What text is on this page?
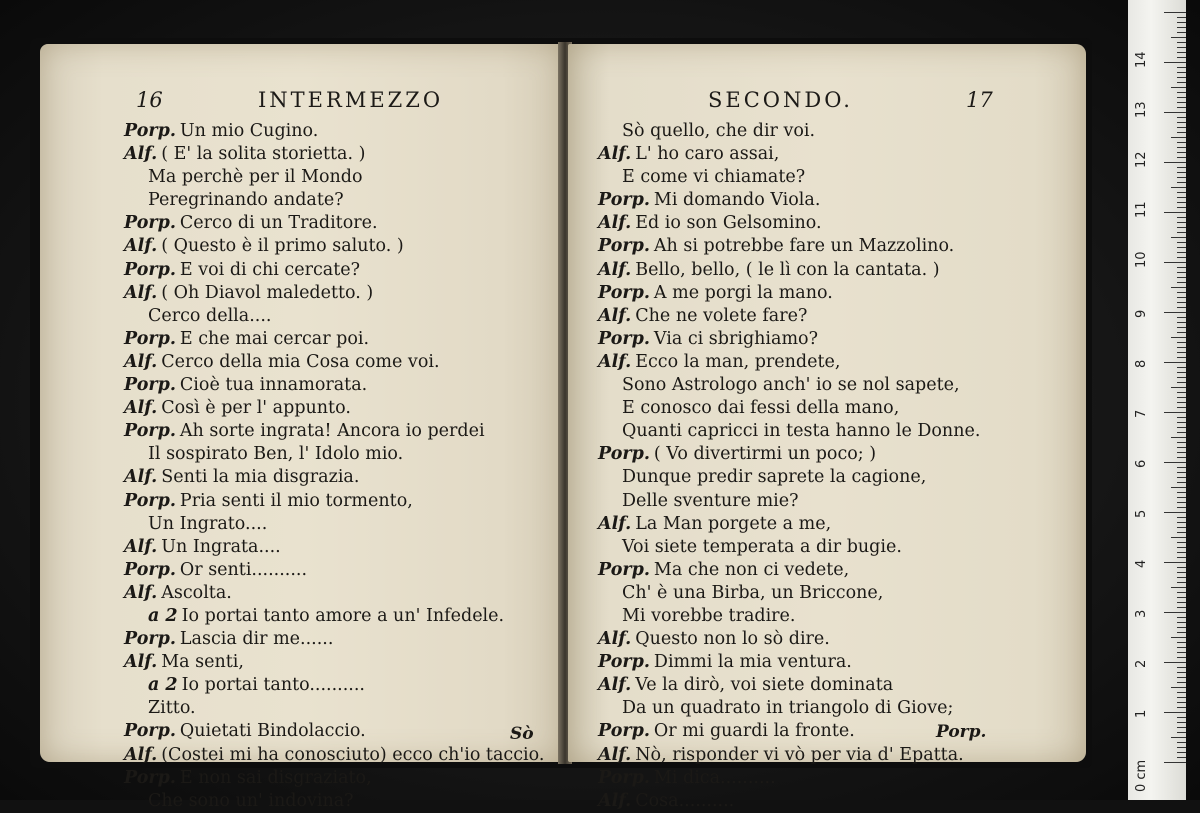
16	INTERMEZZO
Porp. Un mio Cugino.
Alf. ( E' la solita storietta. )
Ma perchè per il Mondo
Peregrinando andate?
Porp. Cerco di un Traditore.
Alf. ( Questo è il primo saluto. )
Porp. E voi di chi cercate?
Alf. ( Oh Diavol maledetto. )
Cerco della....
Porp. E che mai cercar poi.
Alf. Cerco della mia Cosa come voi.
Porp. Cioè tua innamorata.
Alf. Così è per l' appunto.
Porp. Ah sorte ingrata! Ancora io perdei
Il sospirato Ben, l' Idolo mio.
Alf. Senti la mia disgrazia.
Porp. Pria senti il mio tormento,
Un Ingrato....
Alf. Un Ingrata....
Porp. Or senti..........
Alf. Ascolta.
a 2 Io portai tanto amore a un' Infedele.
Porp. Lascia dir me......
Alf. Ma senti,
a 2 Io portai tanto..........
Zitto.
Porp. Quietati Bindolaccio.
Alf. (Costei mi ha conosciuto) ecco ch'io taccio.
Porp. E non sai disgraziato,
Che sono un' indovina?
Sò
SECONDO.	17
Sò quello, che dir voi.
Alf. L' ho caro assai,
E come vi chiamate?
Porp. Mi domando Viola.
Alf. Ed io son Gelsomino.
Porp. Ah si potrebbe fare un Mazzolino.
Alf. Bello, bello, ( le lì con la cantata. )
Porp. A me porgi la mano.
Alf. Che ne volete fare?
Porp. Via ci sbrighiamo?
Alf. Ecco la man, prendete,
Sono Astrologo anch' io se nol sapete,
E conosco dai fessi della mano,
Quanti capricci in testa hanno le Donne.
Porp. ( Vo divertirmi un poco; )
Dunque predir saprete la cagione,
Delle sventure mie?
Alf. La Man porgete a me,
Voi siete temperata a dir bugie.
Porp. Ma che non ci vedete,
Ch' è una Birba, un Briccone,
Mi vorebbe tradire.
Alf. Questo non lo sò dire.
Porp. Dimmi la mia ventura.
Alf. Ve la dirò, voi siete dominata
Da un quadrato in triangolo di Giove;
Porp. Or mi guardi la fronte.
Alf. Nò, risponder vi vò per via d' Epatta.
Porp. Mi dica..........
Alf. Cosa..........
Porp.
0 cm
1
2
3
4
5
6
7
8
9
10
11
12
13
14
